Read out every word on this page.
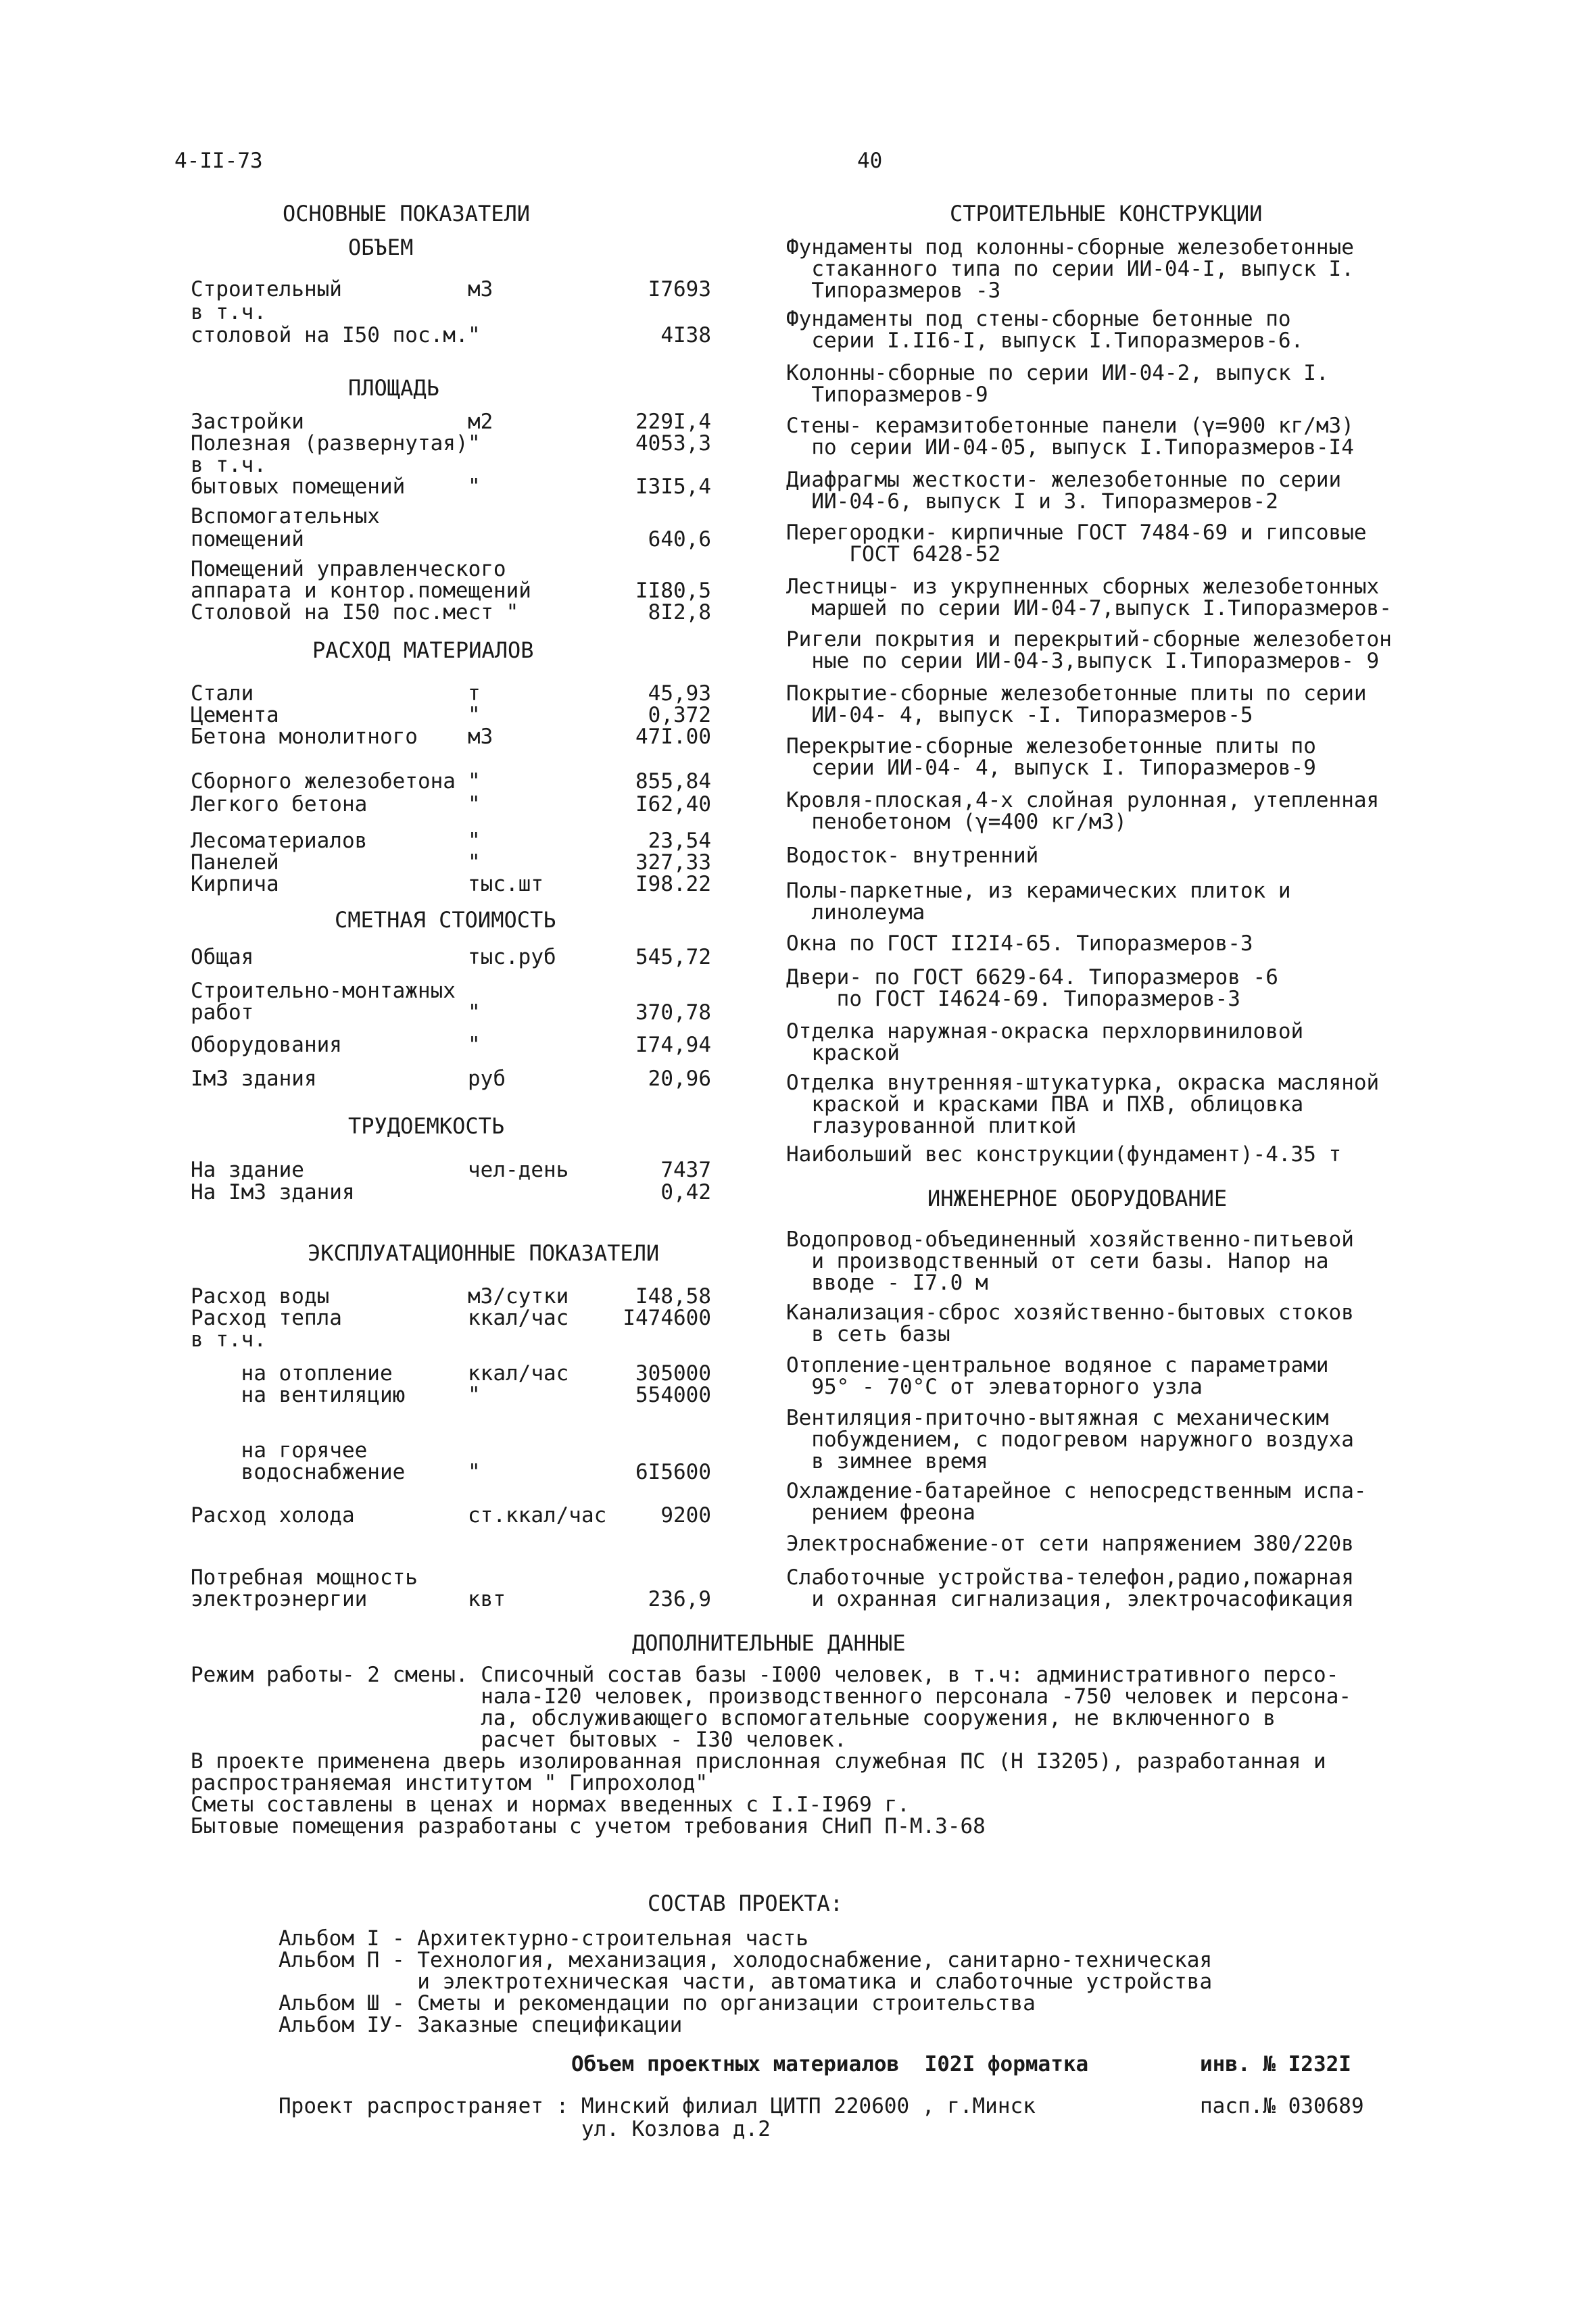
4-II-73	40
ОСНОВНЫЕ ПОКАЗАТЕЛИ
ОБЪЕМ
Строительный	м3	I7693
в т.ч.
столовой на I50 пос.м. "	4I38
ПЛОЩАДЬ
Застройки	м2	229I,4
Полезная (развернутая) "	4053,3
в т.ч.
бытовых помещений	"	I3I5,4
Вспомогательных
помещений	640,6
Помещений управленческого
аппарата и контор.помещений	II80,5
Столовой на I50 пос.мест "	8I2,8
РАСХОД МАТЕРИАЛОВ
Стали	т	45,93
Цемента	"	0,372
Бетона монолитного м3	47I.00
Сборного железобетона "	855,84
Легкого бетона	"	I62,40
Лесоматериалов	"	23,54
Панелей	"	327,33
Кирпича	тыс.шт	I98.22
СМЕТНАЯ СТОИМОСТЬ
Общая	тыс.руб	545,72
Строительно-монтажных
работ	"	370,78
Оборудования	"	I74,94
IмЗ здания	руб	20,96
ТРУДОЕМКОСТЬ
На здание	чел-день	7437
На IмЗ здания	0,42
ЭКСПЛУАТАЦИОННЫЕ ПОКАЗАТЕЛИ
Расход воды	м3/сутки	I48,58
Расход тепла	ккал/час	I474600
в т.ч.
на отопление	ккал/час	305000
на вентиляцию	"	554000
на горячее
водоснабжение	"	6I5600
Расход холода	ст.ккал/час	9200
Потребная мощность
электроэнергии	квт	236,9
СТРОИТЕЛЬНЫЕ КОНСТРУКЦИИ
Фундаменты под колонны-сборные железобетонные
стаканного типа по серии ИИ-04-I, выпуск I.
Типоразмеров -3
Фундаменты под стены-сборные бетонные по
серии I.II6-I, выпуск I.Типоразмеров-6.
Колонны-сборные по серии ИИ-04-2, выпуск I.
Типоразмеров-9
Стены- керамзитобетонные панели (γ=900 кг/м3)
по серии ИИ-04-05, выпуск I.Типоразмеров-I4
Диафрагмы жесткости- железобетонные по серии
ИИ-04-6, выпуск I и 3. Типоразмеров-2
Перегородки- кирпичные ГОСТ 7484-69 и гипсовые
ГОСТ 6428-52
Лестницы- из укрупненных сборных железобетонных
маршей по серии ИИ-04-7,выпуск I.Типоразмеров-
Ригели покрытия и перекрытий-сборные железобетон
ные по серии ИИ-04-3,выпуск I.Типоразмеров- 9
Покрытие-сборные железобетонные плиты по серии
ИИ-04- 4, выпуск -I. Типоразмеров-5
Перекрытие-сборные железобетонные плиты по
серии ИИ-04- 4, выпуск I. Типоразмеров-9
Кровля-плоская,4-х слойная рулонная, утепленная
пенобетоном (γ=400 кг/м3)
Водосток- внутренний
Полы-паркетные, из керамических плиток и
линолеума
Окна по ГОСТ II2I4-65. Типоразмеров-3
Двери- по ГОСТ 6629-64. Типоразмеров -6
по ГОСТ I4624-69. Типоразмеров-3
Отделка наружная-окраска перхлорвиниловой
краской
Отделка внутренняя-штукатурка, окраска масляной
краской и красками ПВА и ПХВ, облицовка
глазурованной плиткой
Наибольший вес конструкции(фундамент)-4.35 т
ИНЖЕНЕРНОЕ ОБОРУДОВАНИЕ
Водопровод-объединенный хозяйственно-питьевой
и производственный от сети базы. Напор на
вводе - I7.0 м
Канализация-сброс хозяйственно-бытовых стоков
в сеть базы
Отопление-центральное водяное с параметрами
95° - 70°С от элеваторного узла
Вентиляция-приточно-вытяжная с механическим
побуждением, с подогревом наружного воздуха
в зимнее время
Охлаждение-батарейное с непосредственным испа-
рением фреона
Электроснабжение-от сети напряжением 380/220в
Слаботочные устройства-телефон,радио,пожарная
и охранная сигнализация, электрочасофикация
ДОПОЛНИТЕЛЬНЫЕ ДАННЫЕ
Режим работы- 2 смены. Списочный состав базы -I000 человек, в т.ч: административного персо-
нала-I20 человек, производственного персонала -750 человек и персона-
ла, обслуживающего вспомогательные сооружения, не включенного в
расчет бытовых - I30 человек.
В проекте применена дверь изолированная прислонная служебная ПС (Н I3205), разработанная и
распространяемая институтом " Гипрохолод"
Сметы составлены в ценах и нормах введенных с I.I-I969 г.
Бытовые помещения разработаны с учетом требования СНиП П-М.3-68
СОСТАВ ПРОЕКТА:
Альбом I - Архитектурно-строительная часть
Альбом П - Технология, механизация, холодоснабжение, санитарно-техническая
и электротехническая части, автоматика и слаботочные устройства
Альбом Ш - Сметы и рекомендации по организации строительства
Альбом IУ- Заказные спецификации
Объем проектных материалов  I02I форматка	инв. № I232I
Проект распространяет : Минский филиал ЦИТП 220600 , г.Минск
ул. Козлова д.2
пасп.№ 030689
